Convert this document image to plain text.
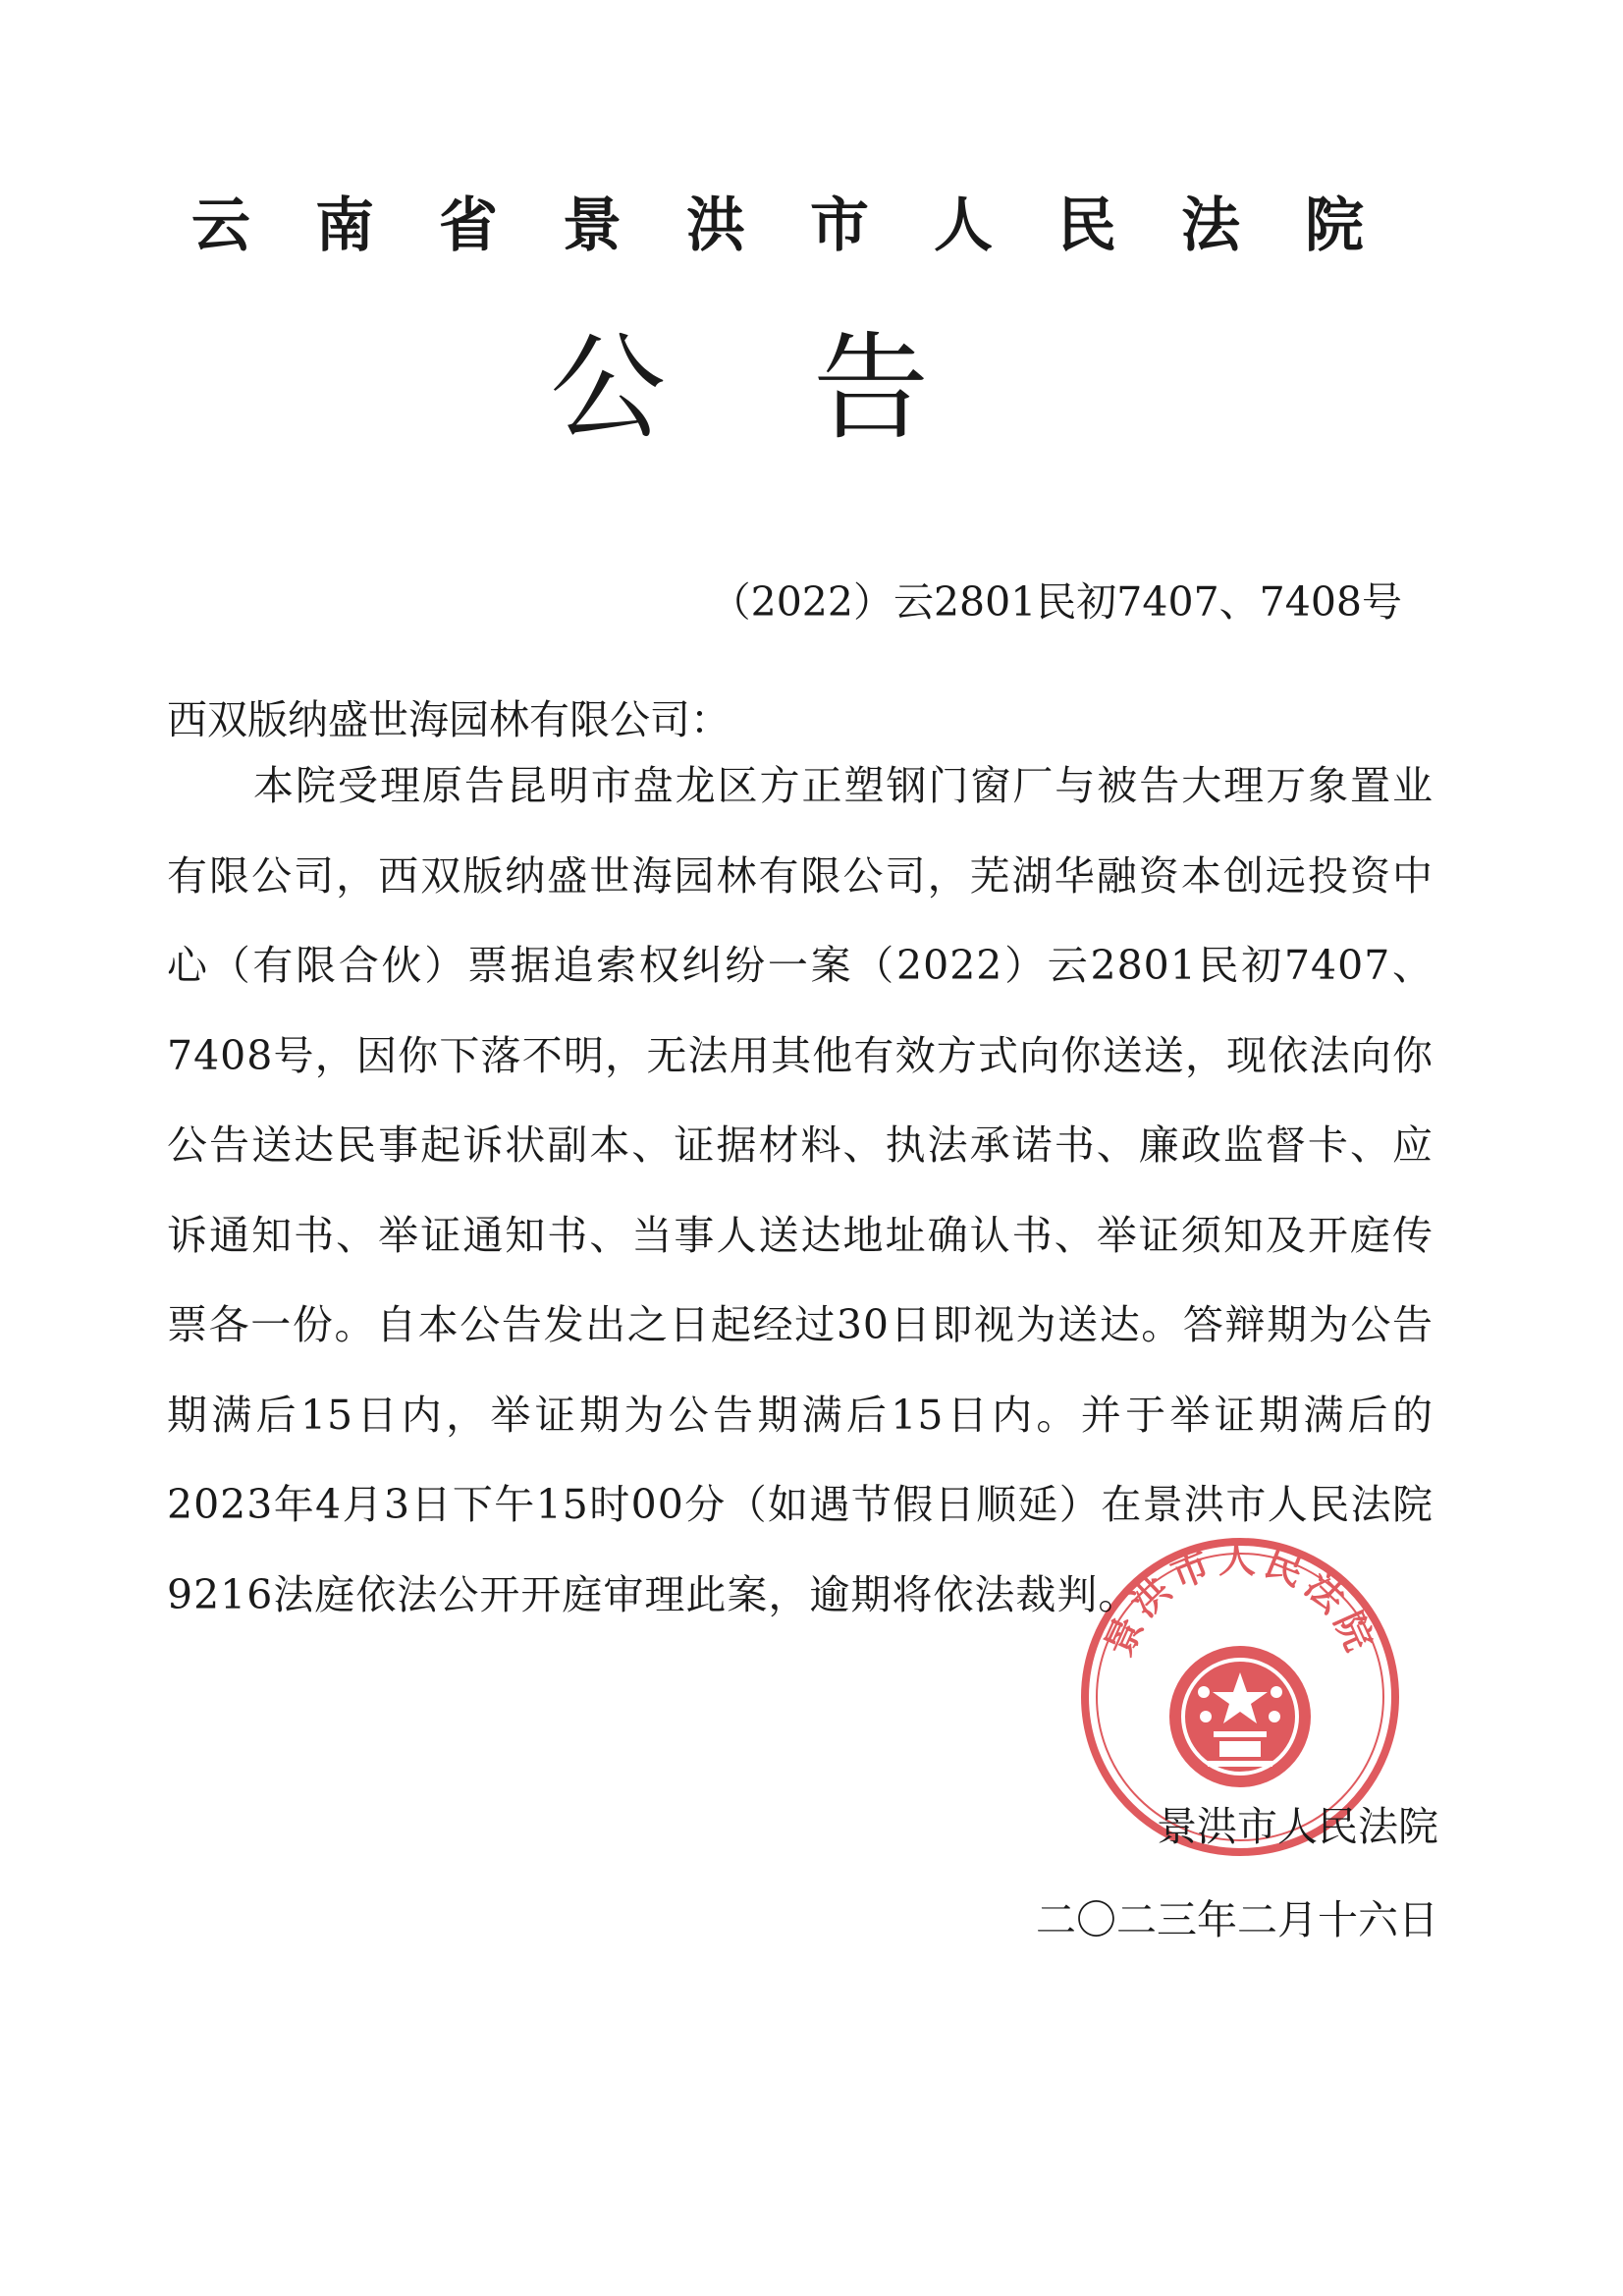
云南省景洪市人民法院
公告
（2022）云2801民初7407、7408号
西双版纳盛世海园林有限公司：

本院受理原告昆明市盘龙区方正塑钢门窗厂与被告大理万象置业有限公司，西双版纳盛世海园林有限公司，芜湖华融资本创远投资中心（有限合伙）票据追索权纠纷一案（2022）云2801民初7407、7408号，因你下落不明，无法用其他有效方式向你送送，现依法向你公告送达民事起诉状副本、证据材料、执法承诺书、廉政监督卡、应诉通知书、举证通知书、当事人送达地址确认书、举证须知及开庭传票各一份。自本公告发出之日起经过30日即视为送达。答辩期为公告期满后15日内，举证期为公告期满后15日内。并于举证期满后的2023年4月3日下午15时00分（如遇节假日顺延）在景洪市人民法院9216法庭依法公开开庭审理此案，逾期将依法裁判。

景洪市人民法院
景洪市人民法院
二〇二三年二月十六日
